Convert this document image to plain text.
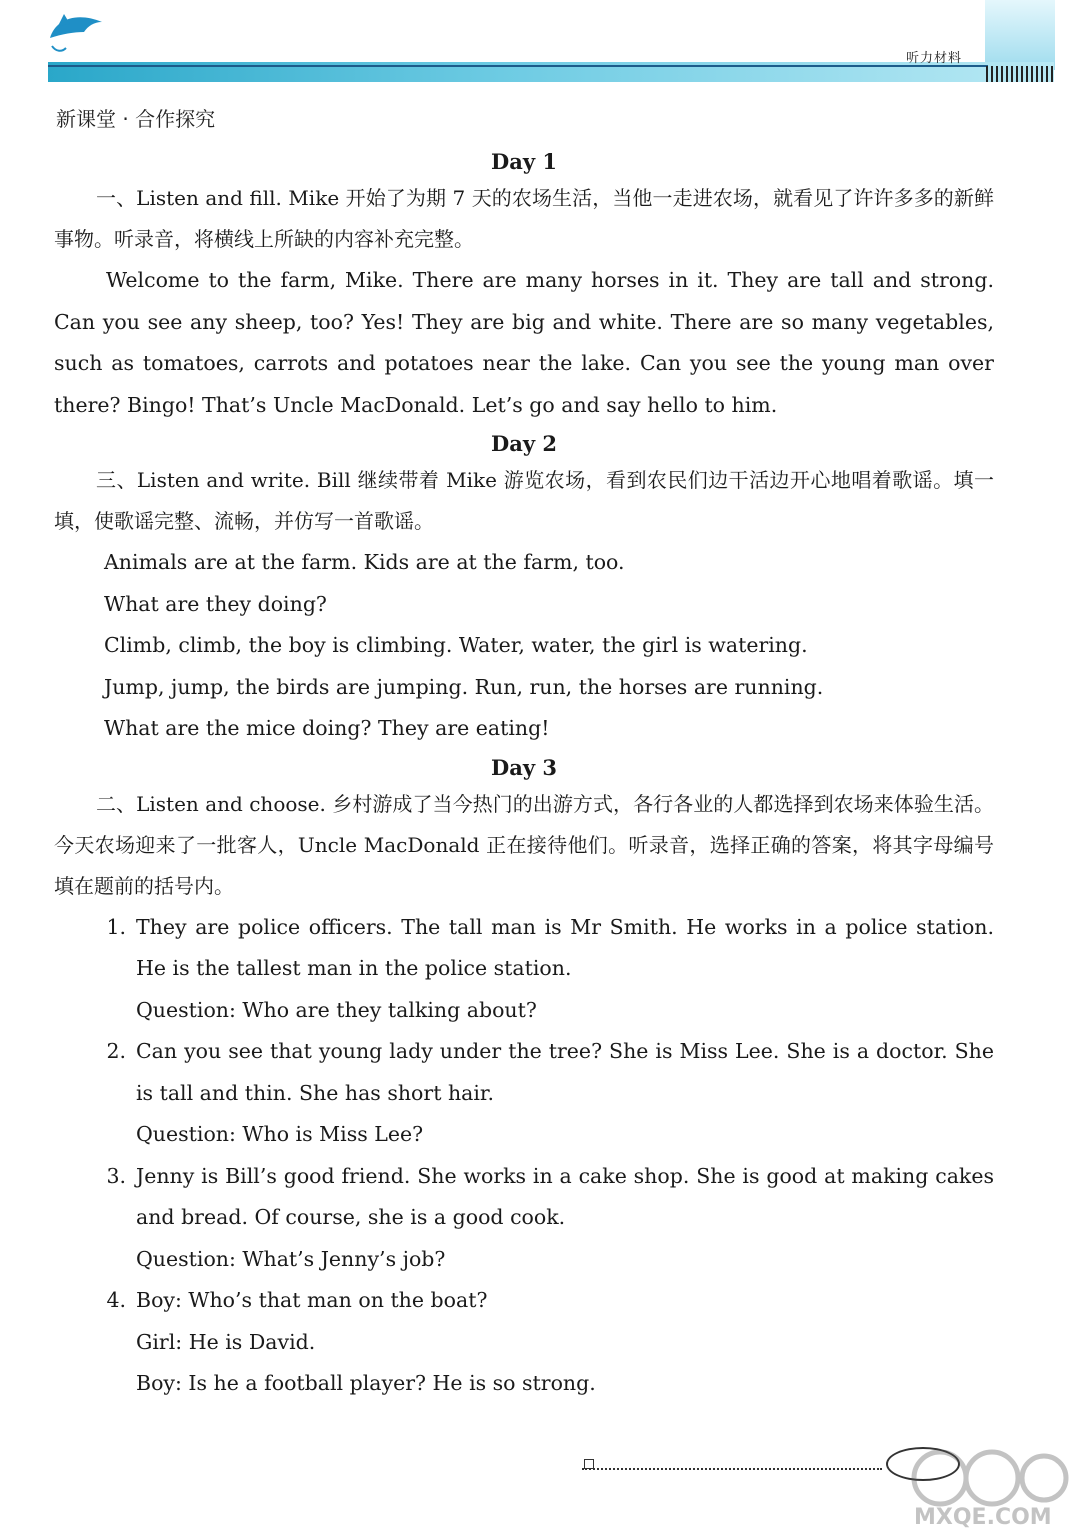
听力材料
新课堂 · 合作探究
Day 1

一、Listen and fill. Mike 开始了为期 7 天的农场生活，当他一走进农场，就看见了许许多多的新鲜事物。听录音，将横线上所缺的内容补充完整。

Welcome to the farm, Mike. There are many horses in it. They are tall and strong. Can you see any sheep, too? Yes! They are big and white. There are so many vegetables, such as tomatoes, carrots and potatoes near the lake. Can you see the young man over there? Bingo! That’s Uncle MacDonald. Let’s go and say hello to him.

Day 2

三、Listen and write. Bill 继续带着 Mike 游览农场，看到农民们边干活边开心地唱着歌谣。填一填，使歌谣完整、流畅，并仿写一首歌谣。

Animals are at the farm. Kids are at the farm, too.

What are they doing?

Climb, climb, the boy is climbing. Water, water, the girl is watering.

Jump, jump, the birds are jumping. Run, run, the horses are running.

What are the mice doing? They are eating!

Day 3

二、Listen and choose. 乡村游成了当今热门的出游方式，各行各业的人都选择到农场来体验生活。今天农场迎来了一批客人，Uncle MacDonald 正在接待他们。听录音，选择正确的答案，将其字母编号填在题前的括号内。

1. They are police officers. The tall man is Mr Smith. He works in a police station. He is the tallest man in the police station.

Question: Who are they talking about?

2. Can you see that young lady under the tree? She is Miss Lee. She is a doctor. She is tall and thin. She has short hair.

Question: Who is Miss Lee?

3. Jenny is Bill’s good friend. She works in a cake shop. She is good at making cakes and bread. Of course, she is a good cook.

Question: What’s Jenny’s job?

4. Boy: Who’s that man on the boat?

Girl: He is David.

Boy: Is he a football player? He is so strong.

MXQE.COM
